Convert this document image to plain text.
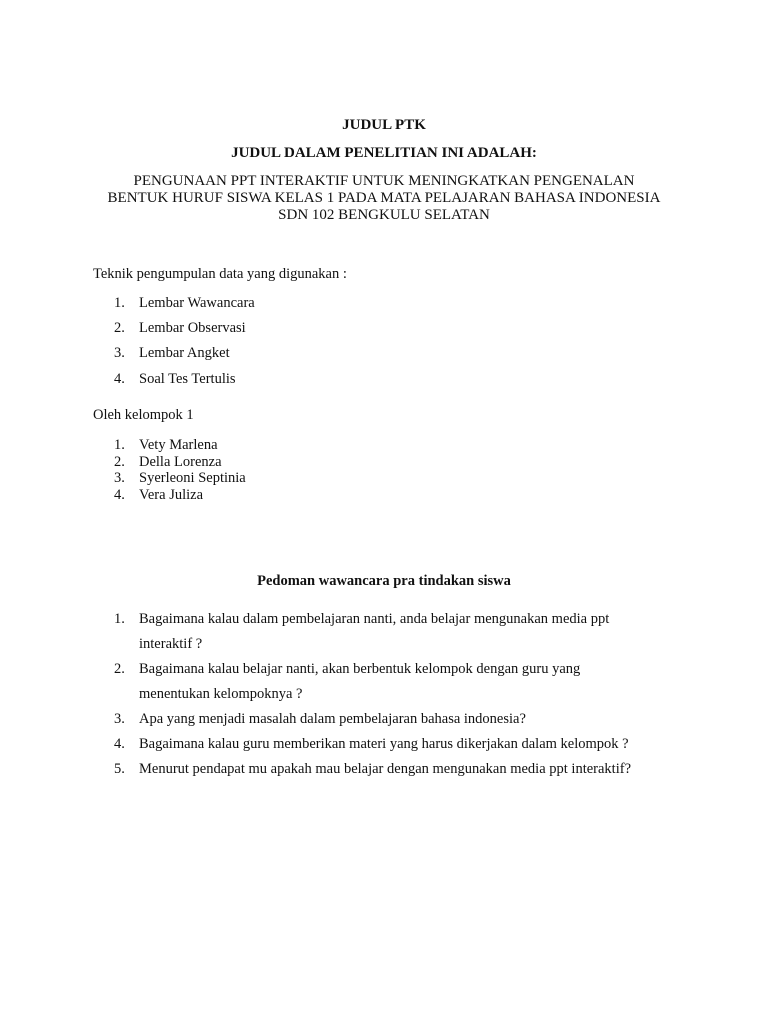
JUDUL PTK

JUDUL DALAM PENELITIAN INI ADALAH:

PENGUNAAN PPT INTERAKTIF UNTUK MENINGKATKAN PENGENALAN
BENTUK HURUF SISWA KELAS 1 PADA MATA PELAJARAN BAHASA INDONESIA
SDN 102 BENGKULU SELATAN

Teknik pengumpulan data yang digunakan :

1. Lembar Wawancara
2. Lembar Observasi
3. Lembar Angket
4. Soal Tes Tertulis

Oleh kelompok 1

1. Vety Marlena
2. Della Lorenza
3. Syerleoni Septinia
4. Vera Juliza

Pedoman wawancara pra tindakan siswa

1. Bagaimana kalau dalam pembelajaran nanti, anda belajar mengunakan media ppt interaktif ?
2. Bagaimana kalau belajar nanti, akan berbentuk kelompok dengan guru yang menentukan kelompoknya ?
3. Apa yang menjadi masalah dalam pembelajaran bahasa indonesia?
4. Bagaimana kalau guru memberikan materi yang harus dikerjakan dalam kelompok ?
5. Menurut pendapat mu apakah mau belajar dengan mengunakan media ppt interaktif?
